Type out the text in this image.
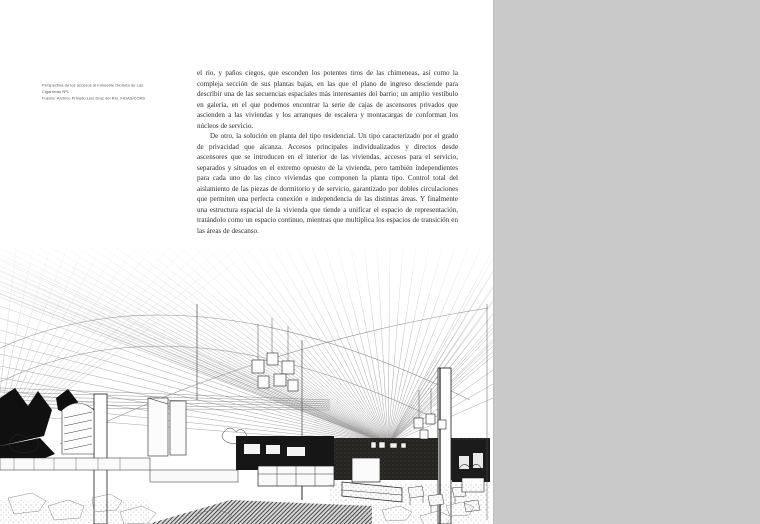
Perspectiva de los accesos al Inmueble Glorieta de Las
Cigarreras Nº1
Fuente: Archivo Privado Luis Díaz del Río. FIDAS/COAS.

el río, y paños ciegos, que esconden los potentes tiros de las chimeneas, así como la compleja sección de sus plantas bajas, en las que el plano de ingreso desciende para describir una de las secuencias espaciales más interesantes del barrio; un amplio vestíbulo en galería, en el que podemos encontrar la serie de cajas de ascensores privados que ascienden a las viviendas y los arranques de escalera y montacargas de conforman los núcleos de servicio.

De otro, la solución en planta del tipo residencial. Un tipo caracterizado por el grado de privacidad que alcanza. Accesos principales individualizados y directos desde ascensores que se introducen en el interior de las viviendas, accesos para el servicio, separados y situados en el extremo opuesto de la vivienda, pero también independientes para cada uno de las cinco viviendas que componen la planta tipo. Control total del aislamiento de las piezas de dormitorio y de servicio, garantizado por dobles circulaciones que permiten una perfecta conexión e independencia de las distintas áreas. Y finalmente una estructura espacial de la vivienda que tiende a unificar el espacio de representación, tratándolo como un espacio continuo, mientras que multiplica los espacios de transición en las áreas de descanso.
